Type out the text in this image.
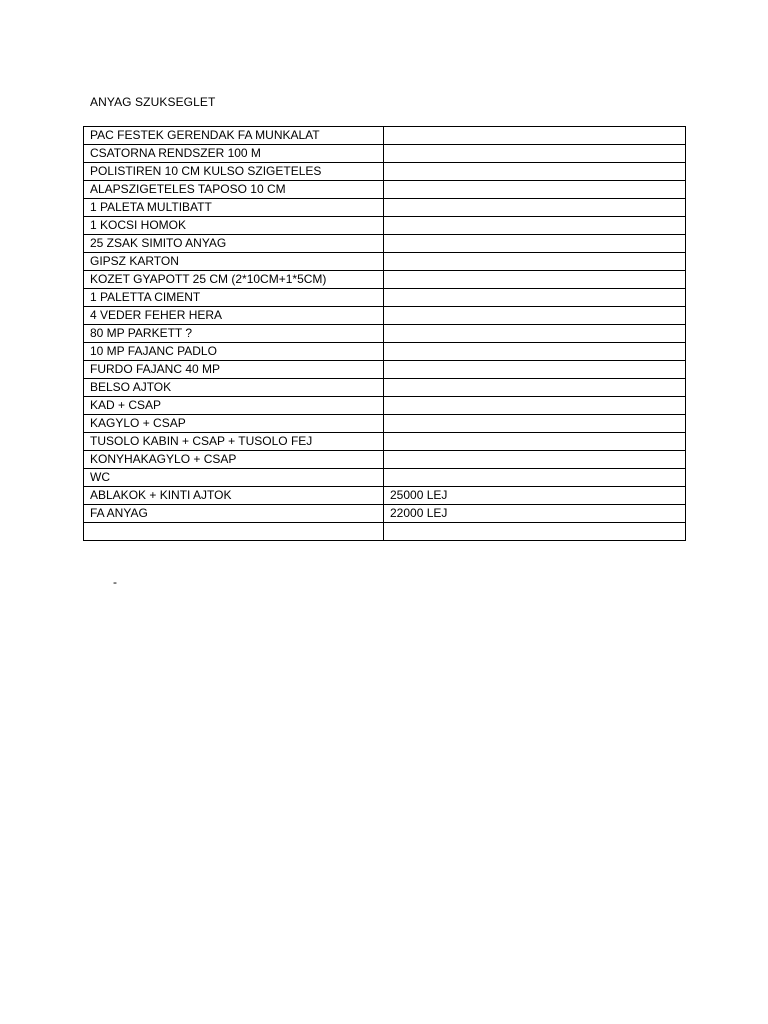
ANYAG SZUKSEGLET
PAC FESTEK GERENDAK FA MUNKALAT	
CSATORNA RENDSZER 100 M	
POLISTIREN 10 CM KULSO SZIGETELES	
ALAPSZIGETELES TAPOSO 10 CM	
1 PALETA MULTIBATT	
1 KOCSI HOMOK	
25 ZSAK SIMITO ANYAG	
GIPSZ KARTON	
KOZET GYAPOTT 25 CM (2*10CM+1*5CM)	
1 PALETTA CIMENT	
4 VEDER FEHER HERA	
80 MP PARKETT ?	
10 MP FAJANC PADLO	
FURDO FAJANC 40 MP	
BELSO AJTOK	
KAD + CSAP	
KAGYLO + CSAP	
TUSOLO KABIN + CSAP + TUSOLO FEJ	
KONYHAKAGYLO + CSAP	
WC	
ABLAKOK + KINTI AJTOK	25000 LEJ
FA ANYAG	22000 LEJ

-
